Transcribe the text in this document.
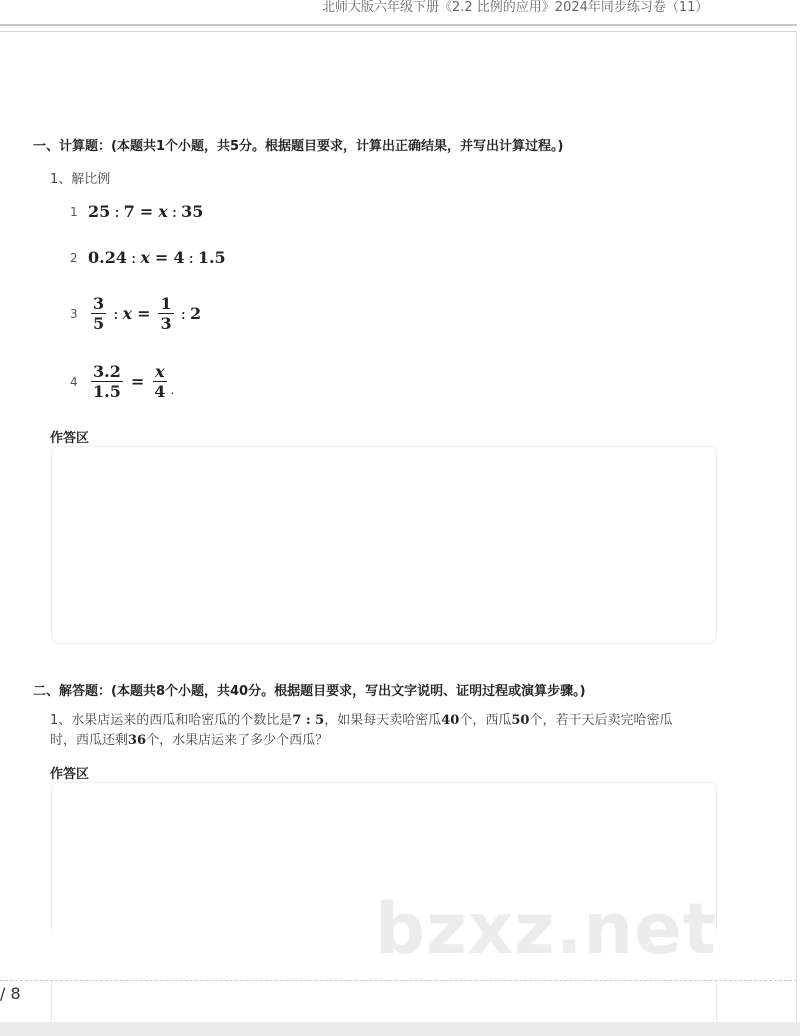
北师大版六年级下册《2.2 比例的应用》2024年同步练习卷（11）
一、计算题：(本题共1个小题，共5分。根据题目要求，计算出正确结果，并写出计算过程。)
1、解比例
1 25 : 7 = x : 35
2 0.24 : x = 4 : 1.5
$3 \frac{3}{5}$ : $x = \frac{1}{3}$ : 2
$4 \frac{3.2}{1.5} = \frac{x}{4}$ .
作答区
二、解答题：(本题共8个小题，共40分。根据题目要求，写出文字说明、证明过程或演算步骤。)
1、水果店运来的西瓜和哈密瓜的个数比是7 : 5，如果每天卖哈密瓜40个，西瓜50个，若干天后卖完哈密瓜
时，西瓜还剩36个，水果店运来了多少个西瓜？
作答区
bzxz.net
/ 8
